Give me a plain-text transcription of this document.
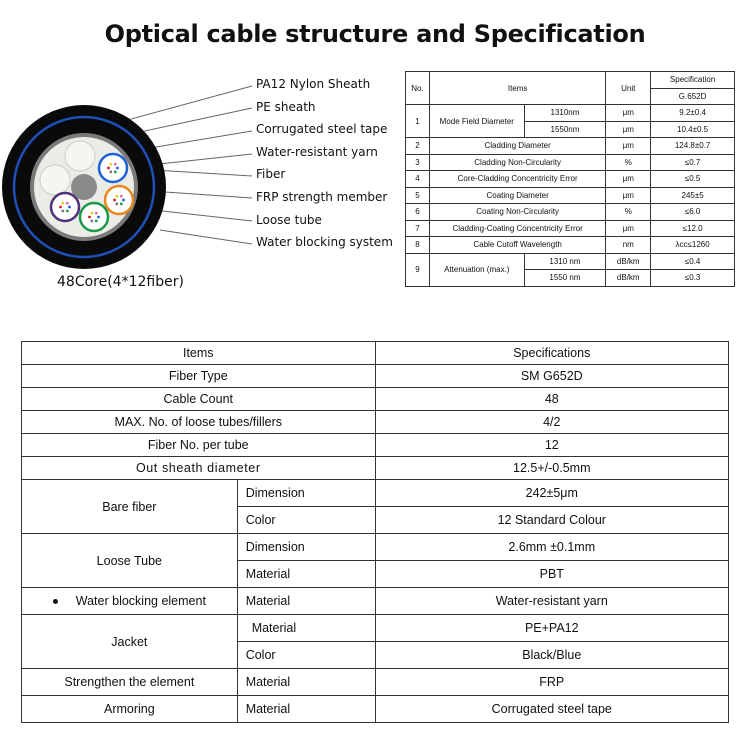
Optical cable structure and Specification
48Core(4*12fiber)
PA12 Nylon Sheath
PE sheath
Corrugated steel tape
Water-resistant yarn
Fiber
FRP strength member
Loose tube
Water blocking system
No.	Items		Unit	Specification
				G.652D
1	Mode Field Diameter	1310nm	μm	9.2±0.4
		1550nm	μm	10.4±0.5
2	Cladding Diameter		μm	124.8±0.7
3	Cladding Non-Circularity		%	≤0.7
4	Core-Cladding Concentricity Error		μm	≤0.5
5	Coating Diameter		μm	245±5
6	Coating Non-Circularity		%	≤6.0
7	Cladding-Coating Concentricity Error		μm	≤12.0
8	Cable Cutoff Wavelength		nm	λcc≤1260
9	Attenuation (max.)	1310 nm	dB/km	≤0.4
		1550 nm	dB/km	≤0.3
Items		Specifications
Fiber Type		SM G652D
Cable Count		48
MAX. No. of loose tubes/fillers		4/2
Fiber No. per tube		12
Out sheath diameter		12.5+/-0.5mm
Bare fiber	Dimension	242±5μm
	Color	12 Standard Colour
Loose Tube	Dimension	2.6mm ±0.1mm
	Material	PBT
Water blocking element	Material	Water-resistant yarn
Jacket	Material	PE+PA12
	Color	Black/Blue
Strengthen the element	Material	FRP
Armoring	Material	Corrugated steel tape
